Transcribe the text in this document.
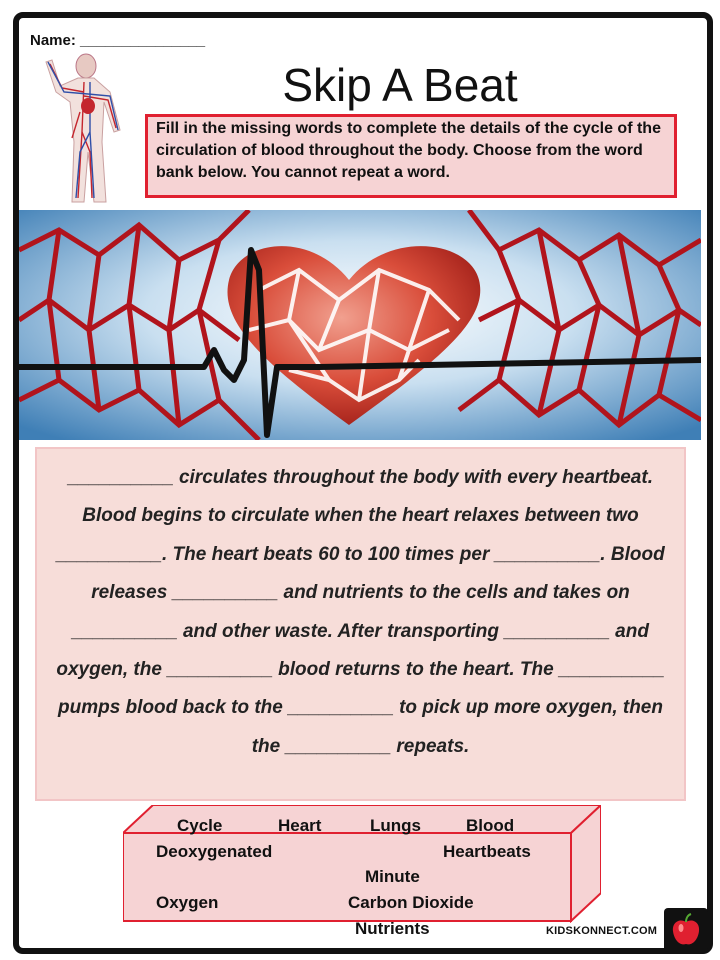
Name: _______________
Skip A Beat
Fill in the missing words to complete the details of the cycle of the circulation of blood throughout the body. Choose from the word bank below. You cannot repeat a word.

__________ circulates throughout the body with every heartbeat. Blood begins to circulate when the heart relaxes between two __________. The heart beats 60 to 100 times per __________. Blood releases __________ and nutrients to the cells and takes on __________ and other waste. After transporting __________ and oxygen, the __________ blood returns to the heart. The __________ pumps blood back to the __________ to pick up more oxygen, then the __________ repeats.

Cycle	Heart	Lungs	Blood
Deoxygenated	Heartbeats
Minute
Oxygen	Carbon Dioxide
Nutrients	KIDSKONNECT.COM
